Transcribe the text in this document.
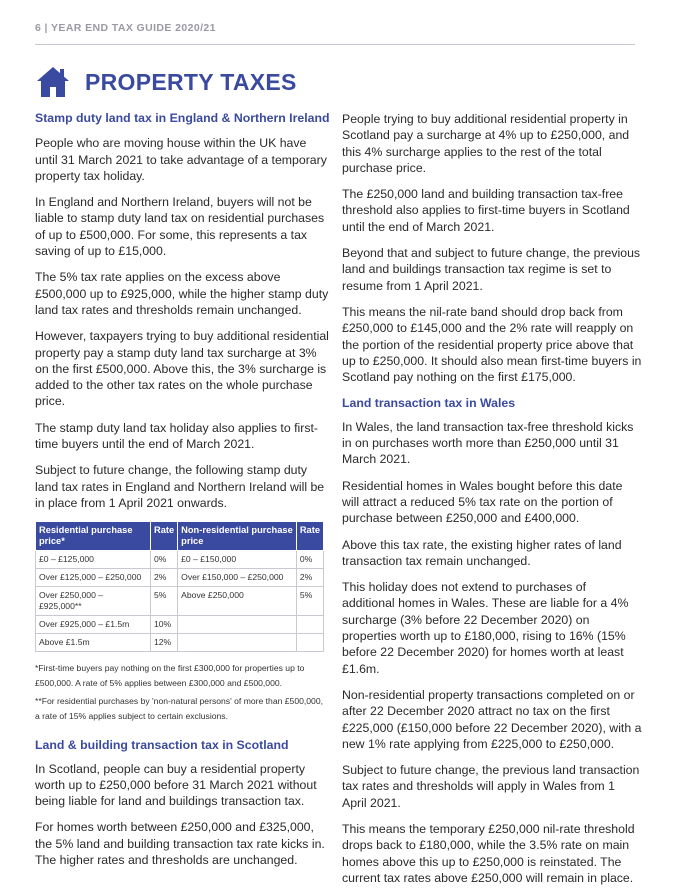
6 | YEAR END TAX GUIDE 2020/21
PROPERTY TAXES
Stamp duty land tax in England & Northern Ireland

People who are moving house within the UK have until 31 March 2021 to take advantage of a temporary property tax holiday.

In England and Northern Ireland, buyers will not be liable to stamp duty land tax on residential purchases of up to £500,000. For some, this represents a tax saving of up to £15,000.

The 5% tax rate applies on the excess above £500,000 up to £925,000, while the higher stamp duty land tax rates and thresholds remain unchanged.

However, taxpayers trying to buy additional residential property pay a stamp duty land tax surcharge at 3% on the first £500,000. Above this, the 3% surcharge is added to the other tax rates on the whole purchase price.

The stamp duty land tax holiday also applies to first-time buyers until the end of March 2021.

Subject to future change, the following stamp duty land tax rates in England and Northern Ireland will be in place from 1 April 2021 onwards.

Residential purchase price*	Rate	Non-residential purchase price	Rate
£0 – £125,000	0%	£0 – £150,000	0%
Over £125,000 – £250,000	2%	Over £150,000 – £250,000	2%
Over £250,000 – £925,000**	5%	Above £250,000	5%
Over £925,000 – £1.5m	10%		
Above £1.5m	12%		
*First-time buyers pay nothing on the first £300,000 for properties up to £500,000. A rate of 5% applies between £300,000 and £500,000.
**For residential purchases by 'non-natural persons' of more than £500,000, a rate of 15% applies subject to certain exclusions.
Land & building transaction tax in Scotland

In Scotland, people can buy a residential property worth up to £250,000 before 31 March 2021 without being liable for land and buildings transaction tax.

For homes worth between £250,000 and £325,000, the 5% land and building transaction tax rate kicks in. The higher rates and thresholds are unchanged.

People trying to buy additional residential property in Scotland pay a surcharge at 4% up to £250,000, and this 4% surcharge applies to the rest of the total purchase price.

The £250,000 land and building transaction tax-free threshold also applies to first-time buyers in Scotland until the end of March 2021.

Beyond that and subject to future change, the previous land and buildings transaction tax regime is set to resume from 1 April 2021.

This means the nil-rate band should drop back from £250,000 to £145,000 and the 2% rate will reapply on the portion of the residential property price above that up to £250,000. It should also mean first-time buyers in Scotland pay nothing on the first £175,000.

Land transaction tax in Wales

In Wales, the land transaction tax-free threshold kicks in on purchases worth more than £250,000 until 31 March 2021.

Residential homes in Wales bought before this date will attract a reduced 5% tax rate on the portion of purchase between £250,000 and £400,000.

Above this tax rate, the existing higher rates of land transaction tax remain unchanged.

This holiday does not extend to purchases of additional homes in Wales. These are liable for a 4% surcharge (3% before 22 December 2020) on properties worth up to £180,000, rising to 16% (15% before 22 December 2020) for homes worth at least £1.6m.

Non-residential property transactions completed on or after 22 December 2020 attract no tax on the first £225,000 (£150,000 before 22 December 2020), with a new 1% rate applying from £225,000 to £250,000.

Subject to future change, the previous land transaction tax rates and thresholds will apply in Wales from 1 April 2021.

This means the temporary £250,000 nil-rate threshold drops back to £180,000, while the 3.5% rate on main homes above this up to £250,000 is reinstated. The current tax rates above £250,000 will remain in place.
